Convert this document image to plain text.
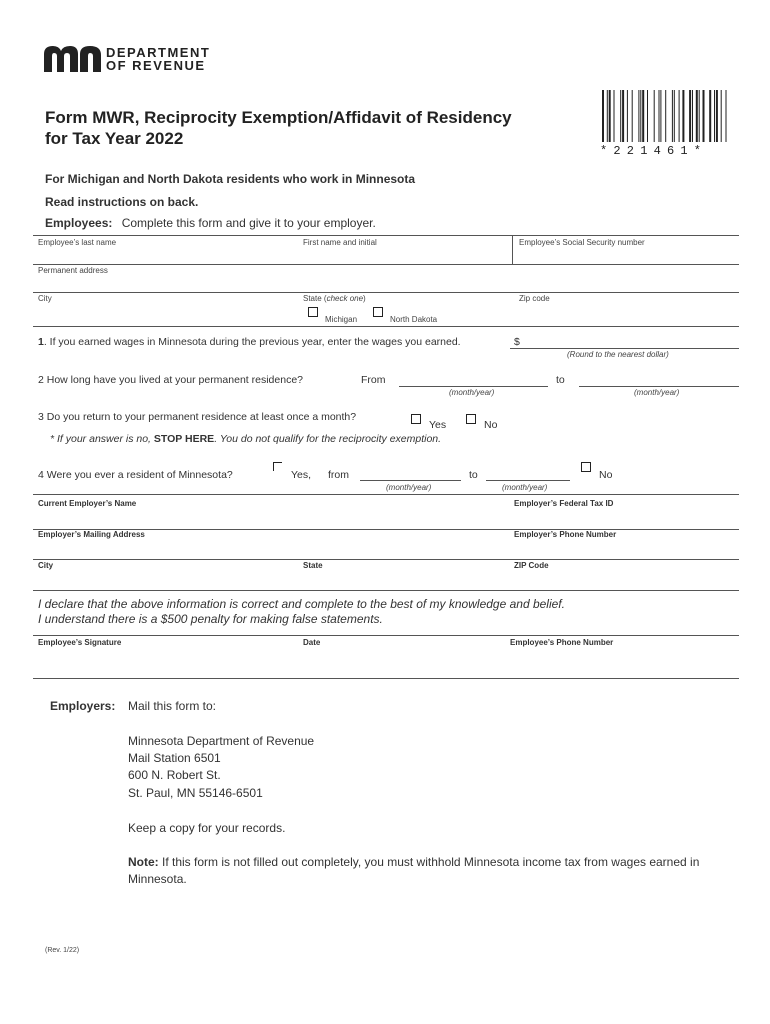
DEPARTMENT
OF REVENUE
Form MWR, Reciprocity Exemption/Affidavit of Residency
for Tax Year 2022
*221461*
For Michigan and North Dakota residents who work in Minnesota
Read instructions on back.
Employees: Complete this form and give it to your employer.
Employee’s last name	First name and initial	Employee’s Social Security number
Permanent address
City	State (check one)	Zip code
Michigan	North Dakota
1. If you earned wages in Minnesota during the previous year, enter the wages you earned.	$
(Round to the nearest dollar)
2 How long have you lived at your permanent residence?	From
(month/year)
to
(month/year)
3 Do you return to your permanent residence at least once a month?
Yes	No
* If your answer is no, STOP HERE. You do not qualify for the reciprocity exemption.
4 Were you ever a resident of Minnesota?	Yes, from
(month/year)
to
(month/year)
No
Current Employer’s Name	Employer’s Federal Tax ID
Employer’s Mailing Address	Employer’s Phone Number
City	State	ZIP Code
I declare that the above information is correct and complete to the best of my knowledge and belief.
I understand there is a $500 penalty for making false statements.
Employee’s Signature	Date	Employee’s Phone Number
Employers: Mail this form to:
Minnesota Department of Revenue
Mail Station 6501
600 N. Robert St.
St. Paul, MN 55146-6501
Keep a copy for your records.
Note: If this form is not filled out completely, you must withhold Minnesota income tax from wages earned in
Minnesota.
(Rev. 1/22)
